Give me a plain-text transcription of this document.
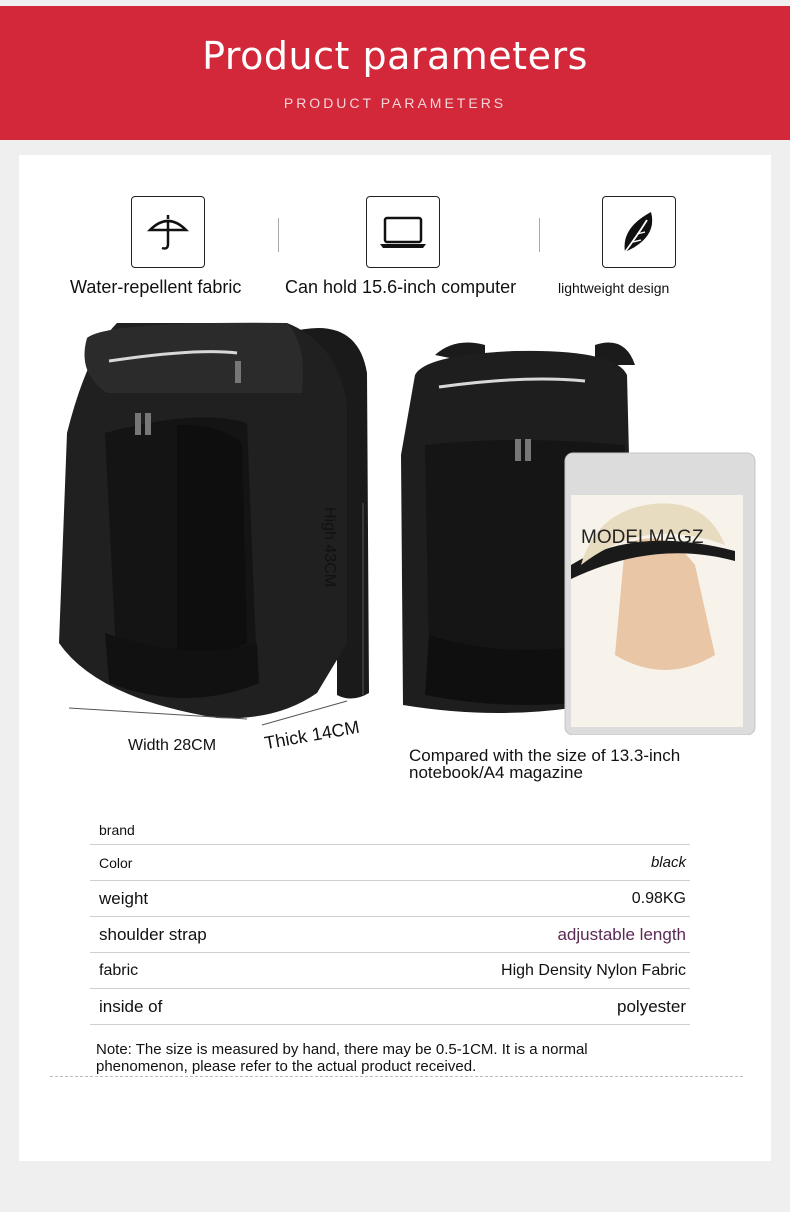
Product parameters
PRODUCT PARAMETERS
Water-repellent fabric Can hold 15.6-inch computer	lightweight design
High 43CM
Width 28CM	Thick 14CM
MODELMAGZ
Compared with the size of 13.3-inch
notebook/A4 magazine
brand
Color	black
weight	0.98KG
shoulder strap	adjustable length
fabric	High Density Nylon Fabric
inside of	polyester
Note: The size is measured by hand, there may be 0.5-1CM. It is a normal phenomenon, please refer to the actual product received.
